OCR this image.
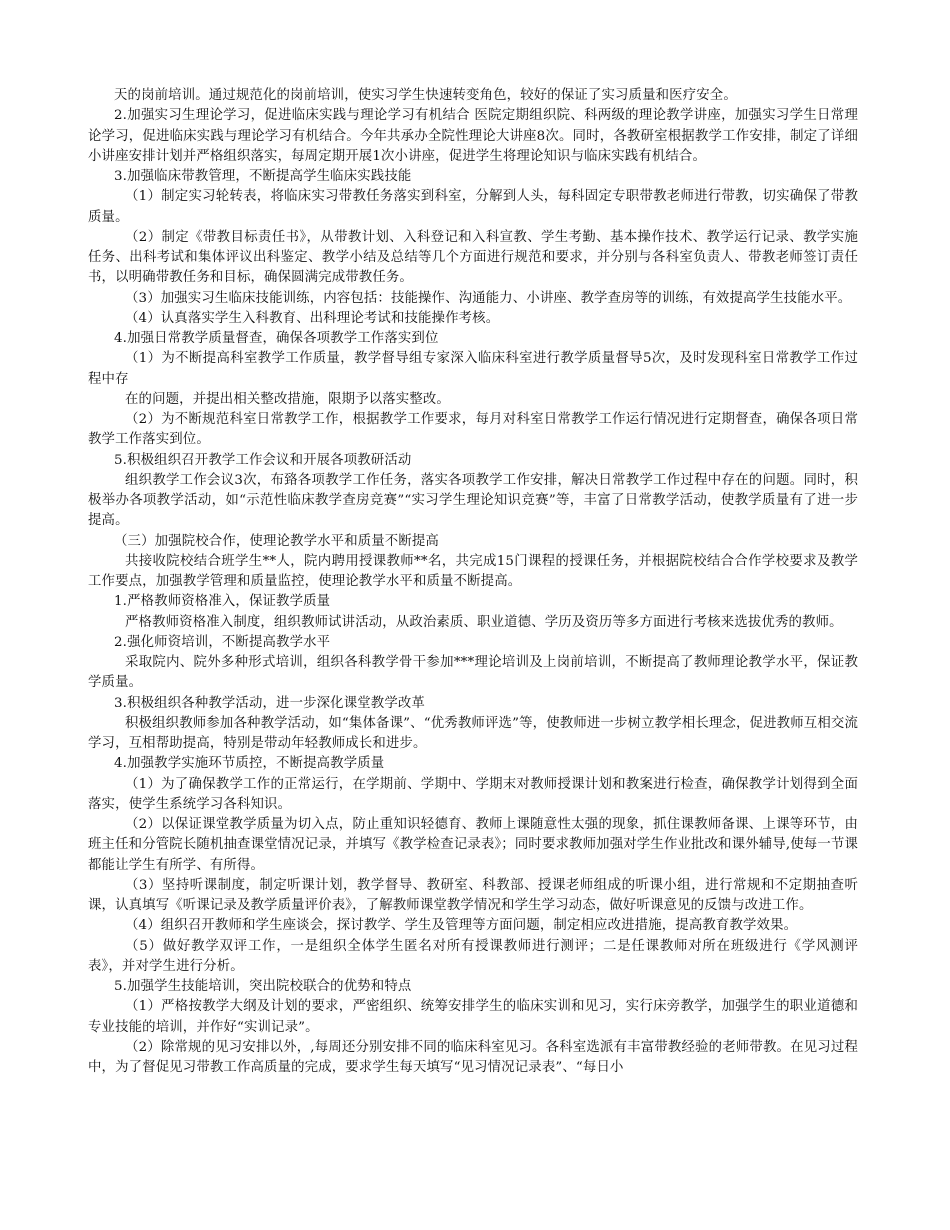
天的岗前培训。通过规范化的岗前培训，使实习学生快速转变角色，较好的保证了实习质量和医疗安全。

2.加强实习生理论学习，促进临床实践与理论学习有机结合 医院定期组织院、科两级的理论教学讲座，加强实习学生日常理论学习，促进临床实践与理论学习有机结合。今年共承办全院性理论大讲座8次。同时，各教研室根据教学工作安排，制定了详细小讲座安排计划并严格组织落实，每周定期开展1次小讲座，促进学生将理论知识与临床实践有机结合。

3.加强临床带教管理，不断提高学生临床实践技能

（1）制定实习轮转表，将临床实习带教任务落实到科室，分解到人头，每科固定专职带教老师进行带教，切实确保了带教质量。

（2）制定《带教目标责任书》，从带教计划、入科登记和入科宣教、学生考勤、基本操作技术、教学运行记录、教学实施任务、出科考试和集体评议出科鉴定、教学小结及总结等几个方面进行规范和要求，并分别与各科室负责人、带教老师签订责任书，以明确带教任务和目标，确保圆满完成带教任务。

（3）加强实习生临床技能训练，内容包括：技能操作、沟通能力、小讲座、教学查房等的训练，有效提高学生技能水平。

（4）认真落实学生入科教育、出科理论考试和技能操作考核。

4.加强日常教学质量督查，确保各项教学工作落实到位

（1）为不断提高科室教学工作质量，教学督导组专家深入临床科室进行教学质量督导5次，及时发现科室日常教学工作过程中存

在的问题，并提出相关整改措施，限期予以落实整改。

（2）为不断规范科室日常教学工作，根据教学工作要求，每月对科室日常教学工作运行情况进行定期督查，确保各项日常教学工作落实到位。

5.积极组织召开教学工作会议和开展各项教研活动

组织教学工作会议3次，布臵各项教学工作任务，落实各项教学工作安排，解决日常教学工作过程中存在的问题。同时，积极举办各项教学活动，如“示范性临床教学查房竞赛”“实习学生理论知识竞赛”等，丰富了日常教学活动，使教学质量有了进一步提高。

（三）加强院校合作，使理论教学水平和质量不断提高

共接收院校结合班学生**人，院内聘用授课教师**名，共完成15门课程的授课任务，并根据院校结合合作学校要求及教学工作要点，加强教学管理和质量监控，使理论教学水平和质量不断提高。

1.严格教师资格准入，保证教学质量

严格教师资格准入制度，组织教师试讲活动，从政治素质、职业道德、学历及资历等多方面进行考核来选拔优秀的教师。

2.强化师资培训，不断提高教学水平

采取院内、院外多种形式培训，组织各科教学骨干参加***理论培训及上岗前培训，不断提高了教师理论教学水平，保证教学质量。

3.积极组织各种教学活动，进一步深化课堂教学改革

积极组织教师参加各种教学活动，如“集体备课”、“优秀教师评选”等，使教师进一步树立教学相长理念，促进教师互相交流学习，互相帮助提高，特别是带动年轻教师成长和进步。

4.加强教学实施环节质控，不断提高教学质量

（1）为了确保教学工作的正常运行，在学期前、学期中、学期末对教师授课计划和教案进行检查，确保教学计划得到全面落实，使学生系统学习各科知识。

（2）以保证课堂教学质量为切入点，防止重知识轻德育、教师上课随意性太强的现象，抓住课教师备课、上课等环节，由班主任和分管院长随机抽查课堂情况记录，并填写《教学检查记录表》；同时要求教师加强对学生作业批改和课外辅导,使每一节课都能让学生有所学、有所得。

（3）坚持听课制度，制定听课计划，教学督导、教研室、科教部、授课老师组成的听课小组，进行常规和不定期抽查听课，认真填写《听课记录及教学质量评价表》，了解教师课堂教学情况和学生学习动态，做好听课意见的反馈与改进工作。

（4）组织召开教师和学生座谈会，探讨教学、学生及管理等方面问题，制定相应改进措施，提高教育教学效果。

（5）做好教学双评工作，一是组织全体学生匿名对所有授课教师进行测评；二是任课教师对所在班级进行《学风测评表》，并对学生进行分析。

5.加强学生技能培训，突出院校联合的优势和特点

（1）严格按教学大纲及计划的要求，严密组织、统筹安排学生的临床实训和见习，实行床旁教学，加强学生的职业道德和专业技能的培训，并作好“实训记录”。

（2）除常规的见习安排以外，,每周还分别安排不同的临床科室见习。各科室选派有丰富带教经验的老师带教。在见习过程中，为了督促见习带教工作高质量的完成，要求学生每天填写“见习情况记录表”、“每日小
